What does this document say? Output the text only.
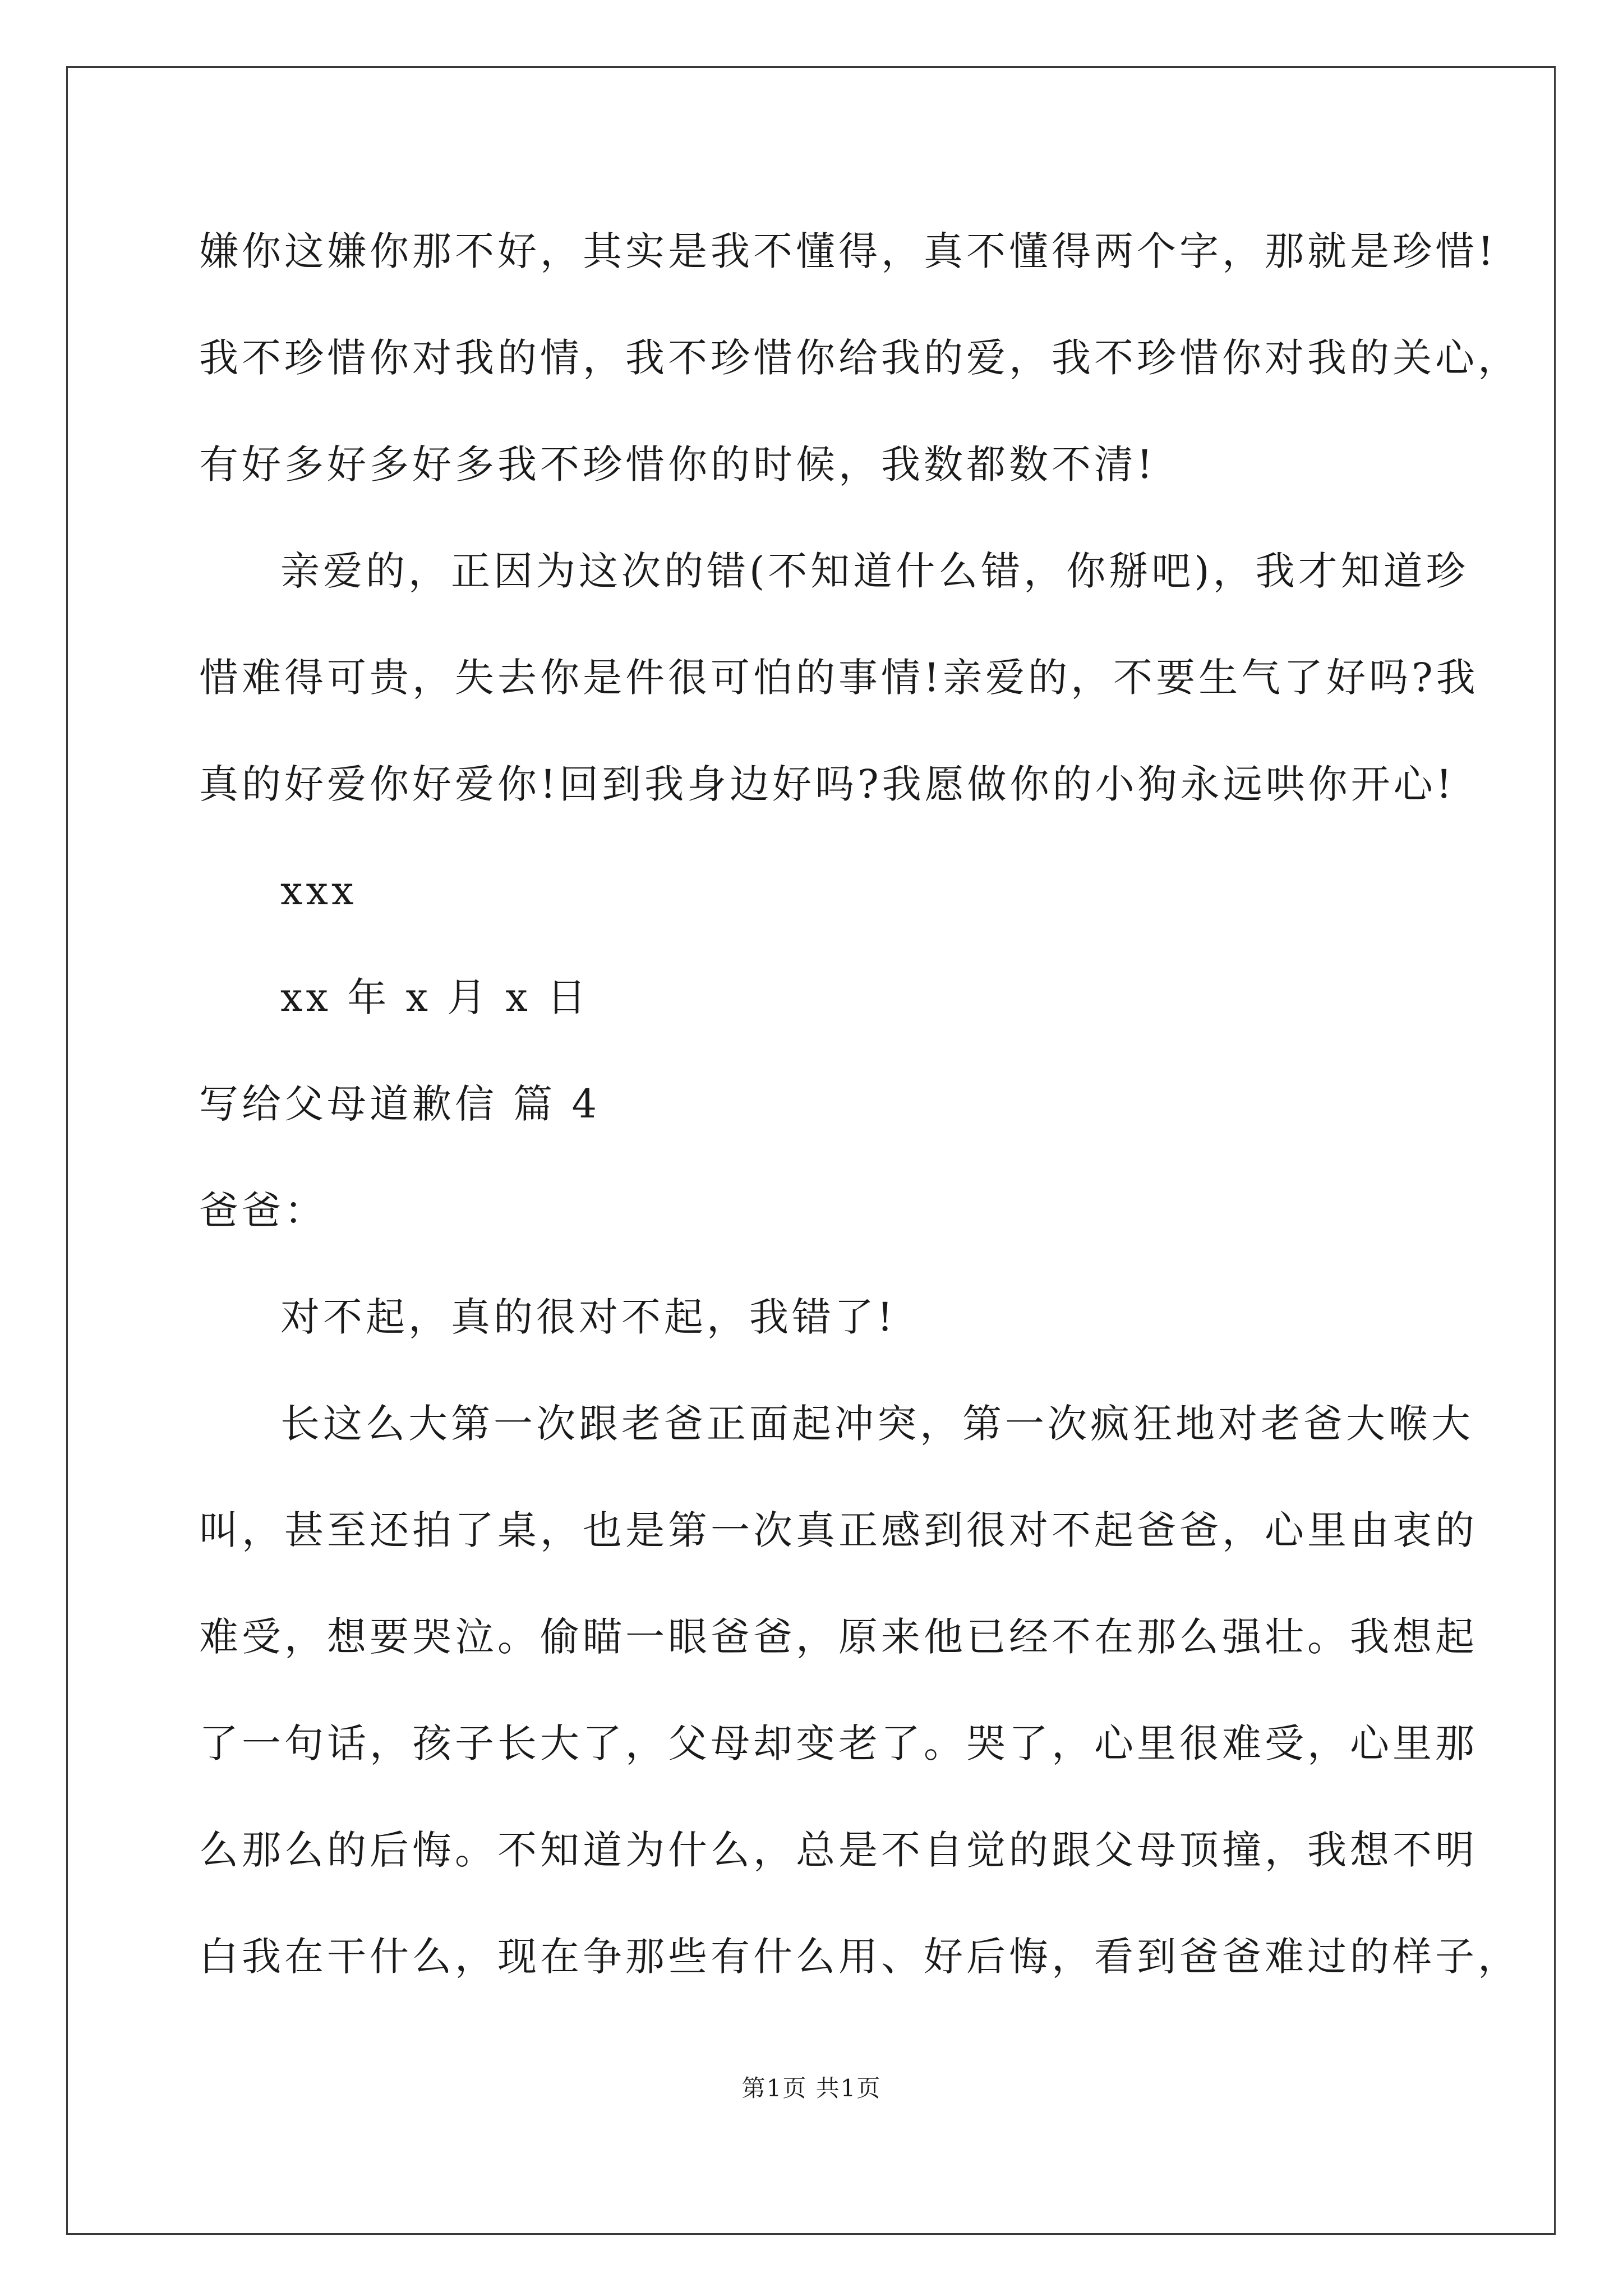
嫌你这嫌你那不好，其实是我不懂得，真不懂得两个字，那就是珍惜!
我不珍惜你对我的情，我不珍惜你给我的爱，我不珍惜你对我的关心，
有好多好多好多我不珍惜你的时候，我数都数不清!
亲爱的，正因为这次的错(不知道什么错，你掰吧)，我才知道珍
惜难得可贵，失去你是件很可怕的事情!亲爱的，不要生气了好吗?我
真的好爱你好爱你!回到我身边好吗?我愿做你的小狗永远哄你开心!
xxx
xx 年 x 月 x 日
写给父母道歉信 篇 4
爸爸：
对不起，真的很对不起，我错了!
长这么大第一次跟老爸正面起冲突，第一次疯狂地对老爸大喉大
叫，甚至还拍了桌，也是第一次真正感到很对不起爸爸，心里由衷的
难受，想要哭泣。偷瞄一眼爸爸，原来他已经不在那么强壮。我想起
了一句话，孩子长大了，父母却变老了。哭了，心里很难受，心里那
么那么的后悔。不知道为什么，总是不自觉的跟父母顶撞，我想不明
白我在干什么，现在争那些有什么用、好后悔，看到爸爸难过的样子，
第1页 共1页
